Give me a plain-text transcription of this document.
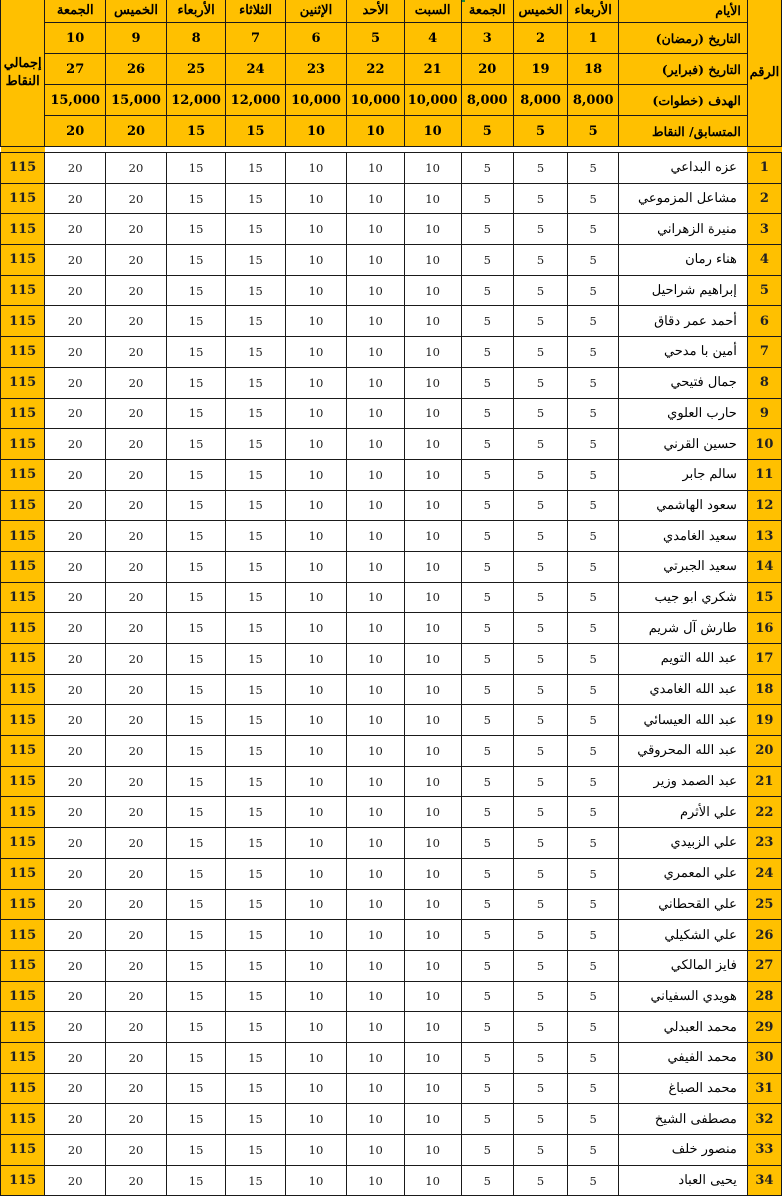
الرقم	الأيام	الأربعاء	الخميس	الجمعة	السبت	الأحد	الإثنين	الثلاثاء	الأربعاء	الخميس	الجمعة	إجمالي النقاط
	التاريخ (رمضان)	1	2	3	4	5	6	7	8	9	10	
	التاريخ (فبراير)	18	19	20	21	22	23	24	25	26	27	
	الهدف (خطوات)	8,000	8,000	8,000	10,000	10,000	10,000	12,000	12,000	15,000	15,000	
	المتسابق/ النقاط	5	5	5	10	10	10	15	15	20	20	

1	عزه البداعي	5	5	5	10	10	10	15	15	20	20	115
2	مشاعل المزموعي	5	5	5	10	10	10	15	15	20	20	115
3	منيرة الزهراني	5	5	5	10	10	10	15	15	20	20	115
4	هناء رمان	5	5	5	10	10	10	15	15	20	20	115
5	إبراهيم شراحيل	5	5	5	10	10	10	15	15	20	20	115
6	أحمد عمر دقاق	5	5	5	10	10	10	15	15	20	20	115
7	أمين با مدحي	5	5	5	10	10	10	15	15	20	20	115
8	جمال فتيحي	5	5	5	10	10	10	15	15	20	20	115
9	حارب العلوي	5	5	5	10	10	10	15	15	20	20	115
10	حسين القرني	5	5	5	10	10	10	15	15	20	20	115
11	سالم جابر	5	5	5	10	10	10	15	15	20	20	115
12	سعود الهاشمي	5	5	5	10	10	10	15	15	20	20	115
13	سعيد الغامدي	5	5	5	10	10	10	15	15	20	20	115
14	سعيد الجبرتي	5	5	5	10	10	10	15	15	20	20	115
15	شكري ابو جيب	5	5	5	10	10	10	15	15	20	20	115
16	طارش آل شريم	5	5	5	10	10	10	15	15	20	20	115
17	عبد الله التويم	5	5	5	10	10	10	15	15	20	20	115
18	عبد الله الغامدي	5	5	5	10	10	10	15	15	20	20	115
19	عبد الله العيسائي	5	5	5	10	10	10	15	15	20	20	115
20	عبد الله المحروقي	5	5	5	10	10	10	15	15	20	20	115
21	عبد الصمد وزير	5	5	5	10	10	10	15	15	20	20	115
22	علي الأثرم	5	5	5	10	10	10	15	15	20	20	115
23	علي الزبيدي	5	5	5	10	10	10	15	15	20	20	115
24	علي المعمري	5	5	5	10	10	10	15	15	20	20	115
25	علي القحطاني	5	5	5	10	10	10	15	15	20	20	115
26	علي الشكيلي	5	5	5	10	10	10	15	15	20	20	115
27	فايز المالكي	5	5	5	10	10	10	15	15	20	20	115
28	هويدي السفياني	5	5	5	10	10	10	15	15	20	20	115
29	محمد العبدلي	5	5	5	10	10	10	15	15	20	20	115
30	محمد الفيفي	5	5	5	10	10	10	15	15	20	20	115
31	محمد الصباغ	5	5	5	10	10	10	15	15	20	20	115
32	مصطفى الشيخ	5	5	5	10	10	10	15	15	20	20	115
33	منصور خلف	5	5	5	10	10	10	15	15	20	20	115
34	يحيى العباد	5	5	5	10	10	10	15	15	20	20	115
